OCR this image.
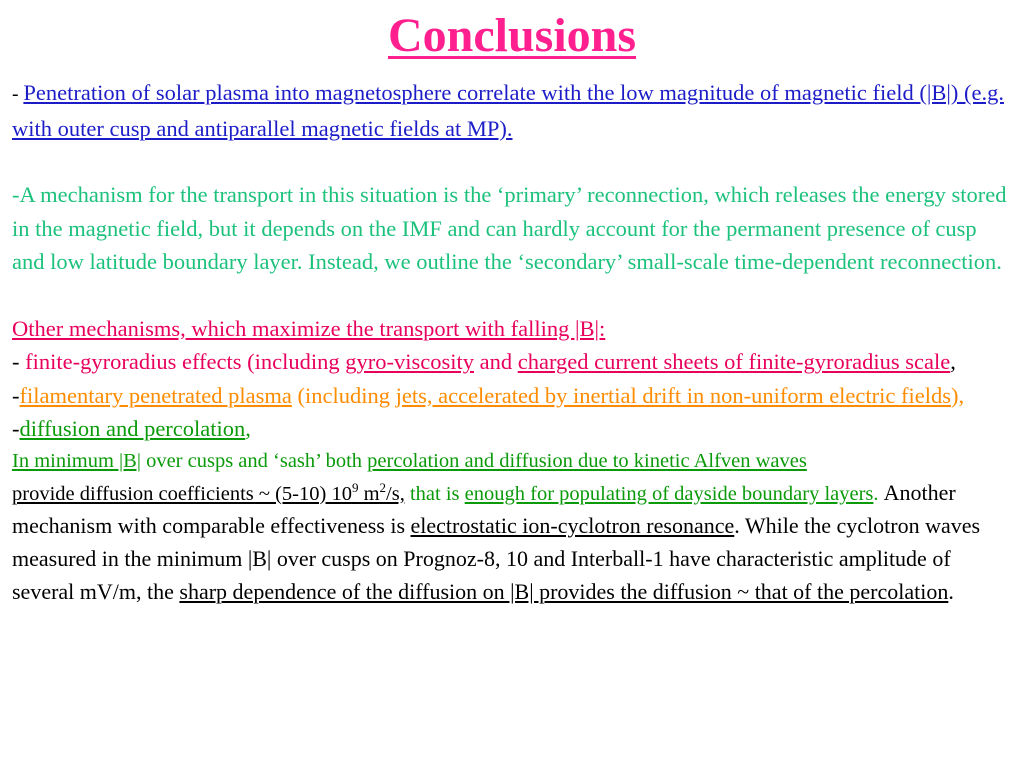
Conclusions

- Penetration of solar plasma into magnetosphere correlate with the low magnitude of magnetic field (|B|) (e.g. with outer cusp and antiparallel magnetic fields at MP).

-A mechanism for the transport in this situation is the ‘primary’ reconnection, which releases the energy stored in the magnetic field, but it depends on the IMF and can hardly account for the permanent presence of cusp and low latitude boundary layer. Instead, we outline the ‘secondary’ small-scale time-dependent reconnection.

Other mechanisms, which maximize the transport with falling |B|:

- finite-gyroradius effects (including gyro-viscosity and charged current sheets of finite-gyroradius scale,

-filamentary penetrated plasma (including jets, accelerated by inertial drift in non-uniform electric fields),

-diffusion and percolation,

In minimum |B| over cusps and ‘sash’ both percolation and diffusion due to kinetic Alfven waves
provide diffusion coefficients ~ (5-10) $10^9$ $m^2/s$, that is enough for populating of dayside boundary layers. Another mechanism with comparable effectiveness is electrostatic ion-cyclotron resonance. While the cyclotron waves measured in the minimum |B| over cusps on Prognoz-8, 10 and Interball-1 have characteristic amplitude of several mV/m, the sharp dependence of the diffusion on |B| provides the diffusion ~ that of the percolation.
